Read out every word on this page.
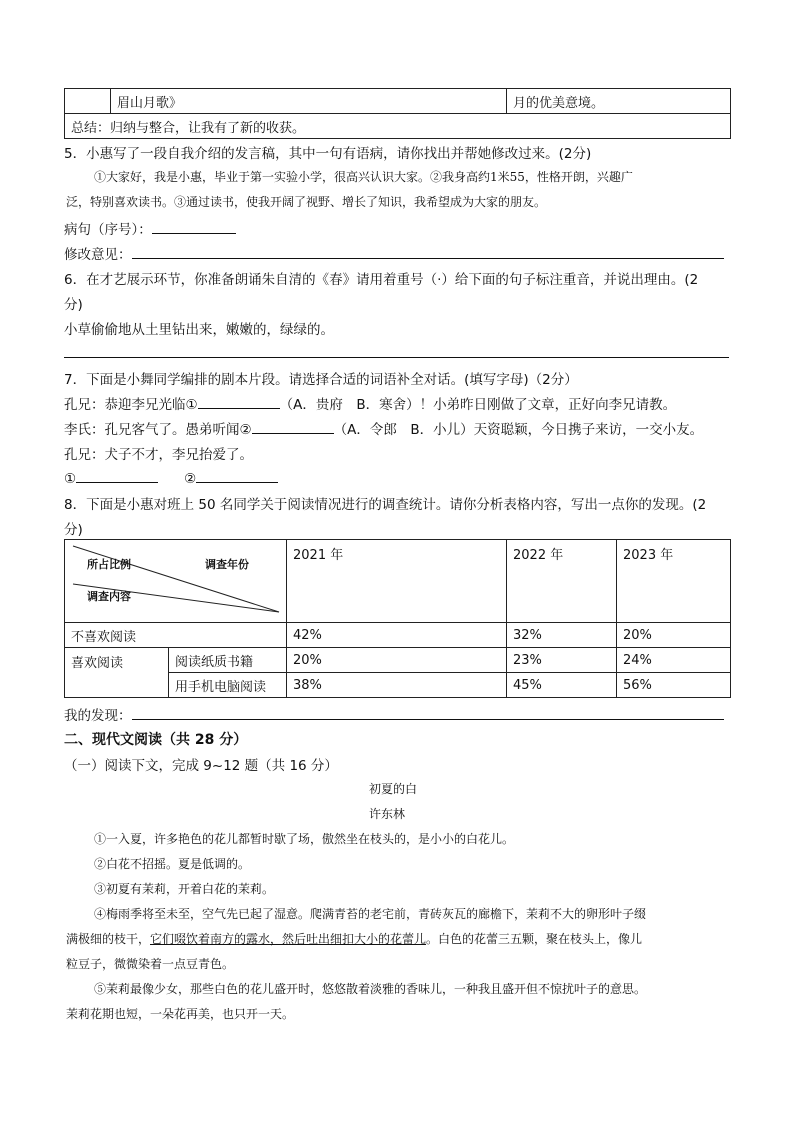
	眉山月歌》	月的优美意境。
总结：归纳与整合，让我有了新的收获。
5．小惠写了一段自我介绍的发言稿，其中一句有语病，请你找出并帮她修改过来。(2分)
①大家好，我是小惠，毕业于第一实验小学，很高兴认识大家。②我身高约1米55，性格开朗，兴趣广
泛，特别喜欢读书。③通过读书，使我开阔了视野、增长了知识，我希望成为大家的朋友。
病句（序号）：
修改意见：
6．在才艺展示环节，你准备朗诵朱自清的《春》请用着重号（·）给下面的句子标注重音，并说出理由。(2
分)
小草偷偷地从土里钻出来，嫩嫩的，绿绿的。
7．下面是小舞同学编排的剧本片段。请选择合适的词语补全对话。(填写字母)（2分）
孔兄：恭迎李兄光临①	（A．贵府　B．寒舍）！小弟昨日刚做了文章，正好向李兄请教。
李氏：孔兄客气了。愚弟听闻②	（A．令郎　B．小儿）天资聪颖，今日携子来访，一交小友。
孔兄：犬子不才，李兄抬爱了。
①	②
8．下面是小惠对班上 50 名同学关于阅读情况进行的调查统计。请你分析表格内容，写出一点你的发现。(2
分)
所占比例 调查年份
调查内容		2021 年	2022 年	2023 年
不喜欢阅读		42%	32%	20%
喜欢阅读	阅读纸质书籍	20%	23%	24%
	用手机电脑阅读	38%	45%	56%
我的发现：
二、现代文阅读（共 28 分）
（一）阅读下文，完成 9~12 题（共 16 分）
初夏的白
许东林
①一入夏，许多艳色的花儿都暂时歇了场，傲然坐在枝头的，是小小的白花儿。
②白花不招摇。夏是低调的。
③初夏有茉莉，开着白花的茉莉。
④梅雨季将至未至，空气先已起了湿意。爬满青苔的老宅前，青砖灰瓦的廊檐下，茉莉不大的卵形叶子缀
满极细的枝干，它们啜饮着南方的露水，然后吐出细扣大小的花蕾儿。白色的花蕾三五颗，聚在枝头上，像儿
粒豆子，微微染着一点豆青色。
⑤茉莉最像少女，那些白色的花儿盛开时，悠悠散着淡雅的香味儿，一种我且盛开但不惊扰叶子的意思。
茉莉花期也短，一朵花再美，也只开一天。
